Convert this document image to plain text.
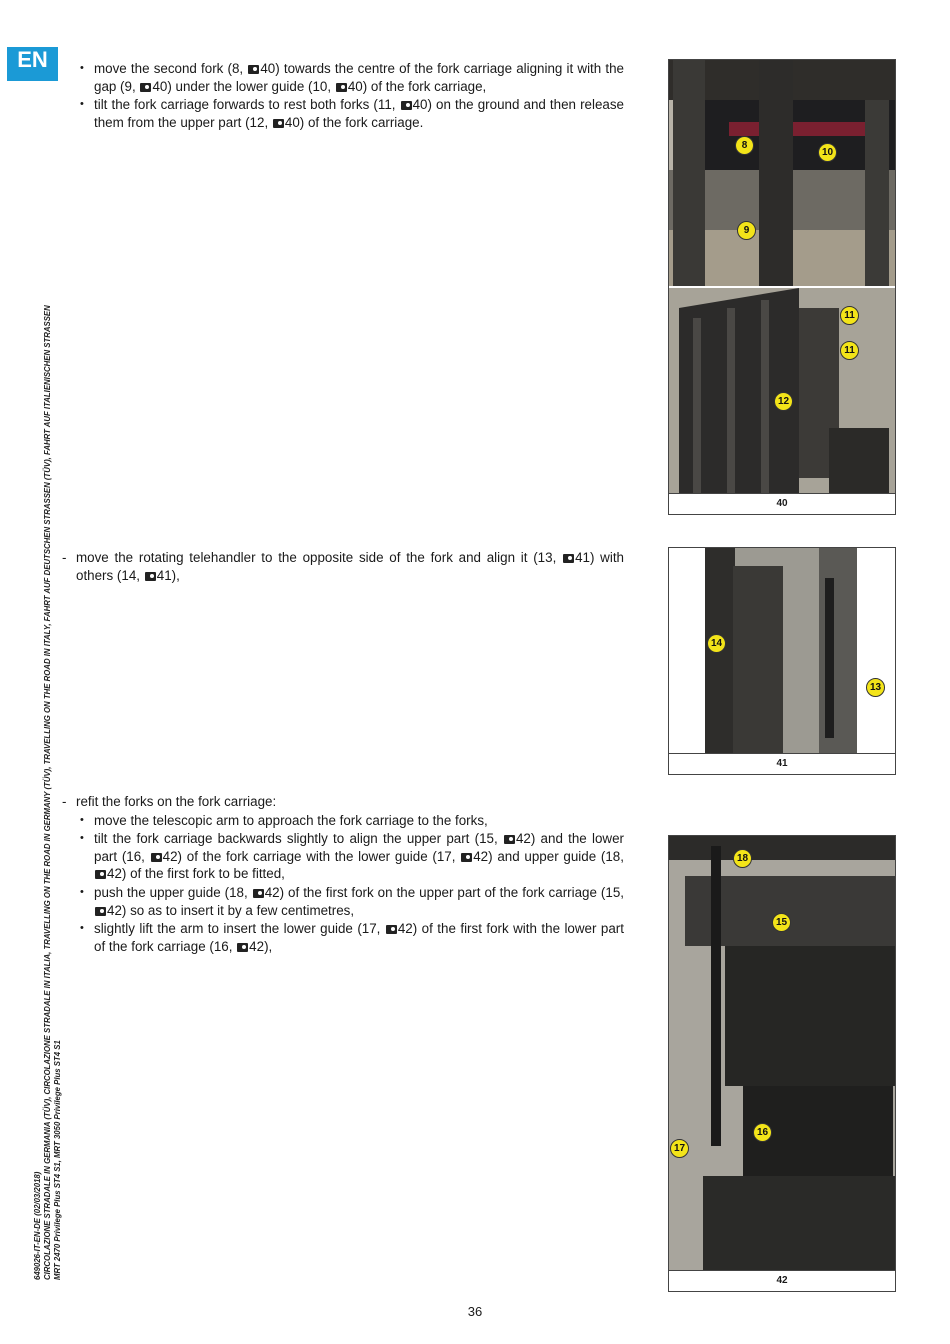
EN
649026-IT-EN-DE (02/03/2018) CIRCOLAZIONE STRADALE IN GERMANIA (TÜV), CIRCOLAZIONE STRADALE IN ITALIA, TRAVELLING ON THE ROAD IN GERMANY (TÜV), TRAVELLING ON THE ROAD IN ITALY, FAHRT AUF DEUTSCHEN STRASSEN (TÜV), FAHRT AUF ITALIENISCHEN STRASSEN MRT 2470 Privilege Plus ST4 S1, MRT 3050 Privilege Plus ST4 S1
• move the second fork (8, 40) towards the centre of the fork carriage aligning it with the gap (9, 40) under the lower guide (10, 40) of the fork carriage,
• tilt the fork carriage forwards to rest both forks (11, 40) on the ground and then release them from the upper part (12, 40) of the fork carriage.
- move the rotating telehandler to the opposite side of the fork and align it (13, 41) with others (14, 41),
- refit the forks on the fork carriage:
• move the telescopic arm to approach the fork carriage to the forks,
• tilt the fork carriage backwards slightly to align the upper part (15, 42) and the lower part (16, 42) of the fork carriage with the lower guide (17, 42) and upper guide (18, 42) of the first fork to be fitted,
• push the upper guide (18, 42) of the first fork on the upper part of the fork carriage (15, 42) so as to insert it by a few centimetres,
• slightly lift the arm to insert the lower guide (17, 42) of the first fork with the lower part of the fork carriage (16, 42),
8
10
9
11
11
12
40
14
13
41
18
15
17
16
42
36
